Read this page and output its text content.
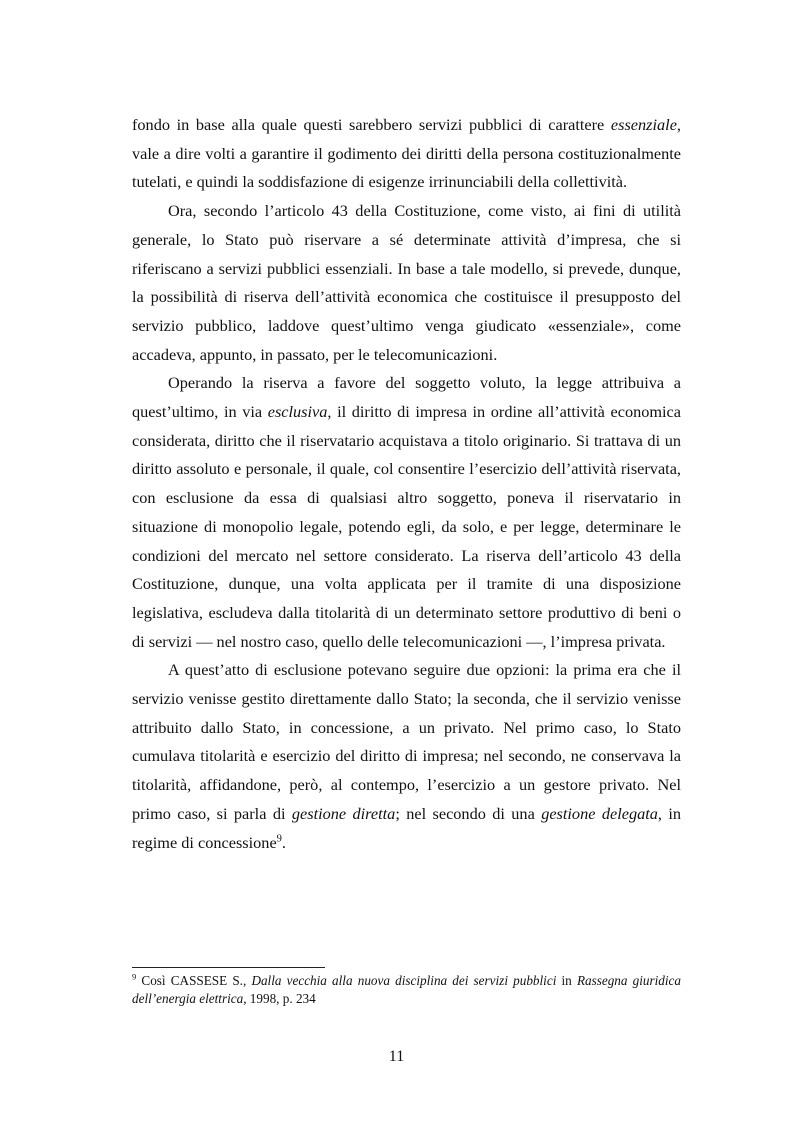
fondo in base alla quale questi sarebbero servizi pubblici di carattere essenziale, vale a dire volti a garantire il godimento dei diritti della persona costituzionalmente tutelati, e quindi la soddisfazione di esigenze irrinunciabili della collettività.

Ora, secondo l’articolo 43 della Costituzione, come visto, ai fini di utilità generale, lo Stato può riservare a sé determinate attività d’impresa, che si riferiscano a servizi pubblici essenziali. In base a tale modello, si prevede, dunque, la possibilità di riserva dell’attività economica che costituisce il presupposto del servizio pubblico, laddove quest’ultimo venga giudicato «essenziale», come accadeva, appunto, in passato, per le telecomunicazioni.

Operando la riserva a favore del soggetto voluto, la legge attribuiva a quest’ultimo, in via esclusiva, il diritto di impresa in ordine all’attività economica considerata, diritto che il riservatario acquistava a titolo originario. Si trattava di un diritto assoluto e personale, il quale, col consentire l’esercizio dell’attività riservata, con esclusione da essa di qualsiasi altro soggetto, poneva il riservatario in situazione di monopolio legale, potendo egli, da solo, e per legge, determinare le condizioni del mercato nel settore considerato. La riserva dell’articolo 43 della Costituzione, dunque, una volta applicata per il tramite di una disposizione legislativa, escludeva dalla titolarità di un determinato settore produttivo di beni o di servizi — nel nostro caso, quello delle telecomunicazioni —, l’impresa privata.

A quest’atto di esclusione potevano seguire due opzioni: la prima era che il servizio venisse gestito direttamente dallo Stato; la seconda, che il servizio venisse attribuito dallo Stato, in concessione, a un privato. Nel primo caso, lo Stato cumulava titolarità e esercizio del diritto di impresa; nel secondo, ne conservava la titolarità, affidandone, però, al contempo, l’esercizio a un gestore privato. Nel primo caso, si parla di gestione diretta; nel secondo di una gestione delegata, in regime di concessione$^9$.

$^9$ Così CASSESE S., Dalla vecchia alla nuova disciplina dei servizi pubblici in Rassegna giuridica dell’energia elettrica, 1998, p. 234

11
